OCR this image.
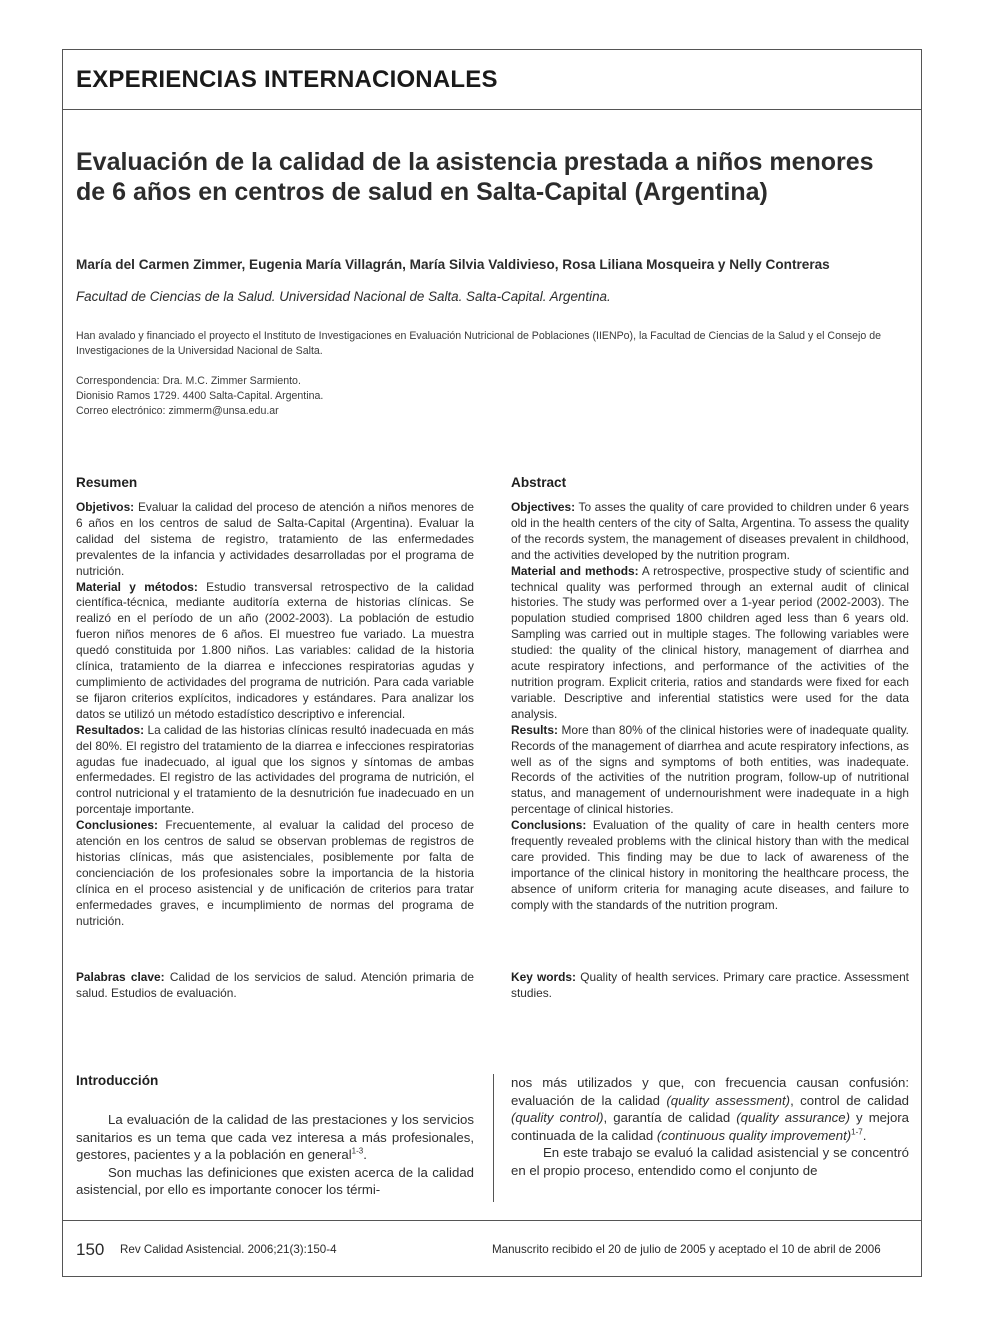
EXPERIENCIAS INTERNACIONALES
Evaluación de la calidad de la asistencia prestada a niños menores de 6 años en centros de salud en Salta-Capital (Argentina)
María del Carmen Zimmer, Eugenia María Villagrán, María Silvia Valdivieso, Rosa Liliana Mosqueira y Nelly Contreras
Facultad de Ciencias de la Salud. Universidad Nacional de Salta. Salta-Capital. Argentina.
Han avalado y financiado el proyecto el Instituto de Investigaciones en Evaluación Nutricional de Poblaciones (IIENPo), la Facultad de Ciencias de la Salud y el Consejo de Investigaciones de la Universidad Nacional de Salta.
Correspondencia: Dra. M.C. Zimmer Sarmiento.
Dionisio Ramos 1729. 4400 Salta-Capital. Argentina.
Correo electrónico: zimmerm@unsa.edu.ar
Resumen

Objetivos: Evaluar la calidad del proceso de atención a niños menores de 6 años en los centros de salud de Salta-Capital (Argentina). Evaluar la calidad del sistema de registro, tratamiento de las enfermedades prevalentes de la infancia y actividades desarrolladas por el programa de nutrición.

Material y métodos: Estudio transversal retrospectivo de la calidad científica-técnica, mediante auditoría externa de historias clínicas. Se realizó en el período de un año (2002-2003). La población de estudio fueron niños menores de 6 años. El muestreo fue variado. La muestra quedó constituida por 1.800 niños. Las variables: calidad de la historia clínica, tratamiento de la diarrea e infecciones respiratorias agudas y cumplimiento de actividades del programa de nutrición. Para cada variable se fijaron criterios explícitos, indicadores y estándares. Para analizar los datos se utilizó un método estadístico descriptivo e inferencial.

Resultados: La calidad de las historias clínicas resultó inadecuada en más del 80%. El registro del tratamiento de la diarrea e infecciones respiratorias agudas fue inadecuado, al igual que los signos y síntomas de ambas enfermedades. El registro de las actividades del programa de nutrición, el control nutricional y el tratamiento de la desnutrición fue inadecuado en un porcentaje importante.

Conclusiones: Frecuentemente, al evaluar la calidad del proceso de atención en los centros de salud se observan problemas de registros de historias clínicas, más que asistenciales, posiblemente por falta de concienciación de los profesionales sobre la importancia de la historia clínica en el proceso asistencial y de unificación de criterios para tratar enfermedades graves, e incumplimiento de normas del programa de nutrición.

Palabras clave: Calidad de los servicios de salud. Atención primaria de salud. Estudios de evaluación.

Abstract

Objectives: To asses the quality of care provided to children under 6 years old in the health centers of the city of Salta, Argentina. To assess the quality of the records system, the management of diseases prevalent in childhood, and the activities developed by the nutrition program.

Material and methods: A retrospective, prospective study of scientific and technical quality was performed through an external audit of clinical histories. The study was performed over a 1-year period (2002-2003). The population studied comprised 1800 children aged less than 6 years old. Sampling was carried out in multiple stages. The following variables were studied: the quality of the clinical history, management of diarrhea and acute respiratory infections, and performance of the activities of the nutrition program. Explicit criteria, ratios and standards were fixed for each variable. Descriptive and inferential statistics were used for the data analysis.

Results: More than 80% of the clinical histories were of inadequate quality. Records of the management of diarrhea and acute respiratory infections, as well as of the signs and symptoms of both entities, was inadequate. Records of the activities of the nutrition program, follow-up of nutritional status, and management of undernourishment were inadequate in a high percentage of clinical histories.

Conclusions: Evaluation of the quality of care in health centers more frequently revealed problems with the clinical history than with the medical care provided. This finding may be due to lack of awareness of the importance of the clinical history in monitoring the healthcare process, the absence of uniform criteria for managing acute diseases, and failure to comply with the standards of the nutrition program.

Key words: Quality of health services. Primary care practice. Assessment studies.

Introducción

La evaluación de la calidad de las prestaciones y los servicios sanitarios es un tema que cada vez interesa a más profesionales, gestores, pacientes y a la población en general$^{1-3}$.

Son muchas las definiciones que existen acerca de la calidad asistencial, por ello es importante conocer los térmi-

nos más utilizados y que, con frecuencia causan confusión: evaluación de la calidad (quality assessment), control de calidad (quality control), garantía de calidad (quality assurance) y mejora continuada de la calidad (continuous quality improvement)$^{1-7}$.

En este trabajo se evaluó la calidad asistencial y se concentró en el propio proceso, entendido como el conjunto de

150 Rev Calidad Asistencial. 2006;21(3):150-4	Manuscrito recibido el 20 de julio de 2005 y aceptado el 10 de abril de 2006
